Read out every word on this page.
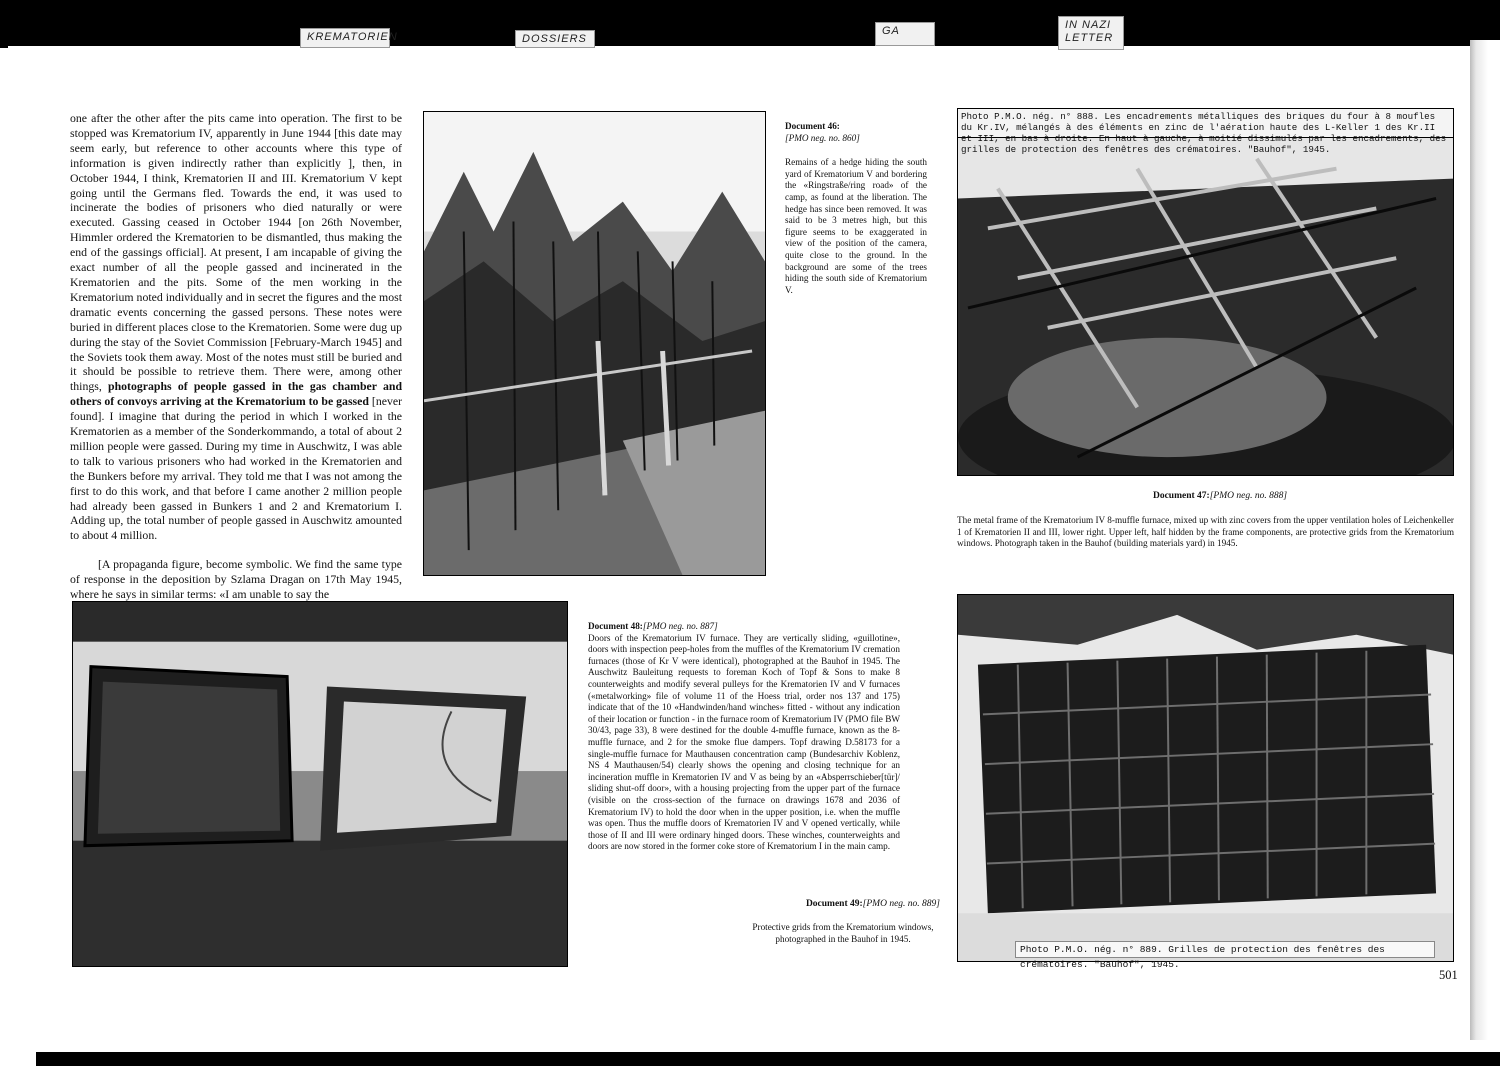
KREMATORIEN	DOSSIERS
GA	IN NAZI LETTER

one after the other after the pits came into operation. The first to be stopped was Krematorium IV, apparently in June 1944 [this date may seem early, but reference to other accounts where this type of information is given indirectly rather than explicitly ], then, in October 1944, I think, Krematorien II and III. Krematorium V kept going until the Germans fled. Towards the end, it was used to incinerate the bodies of prisoners who died naturally or were executed. Gassing ceased in October 1944 [on 26th November, Himmler ordered the Krematorien to be dismantled, thus making the end of the gassings official]. At present, I am incapable of giving the exact number of all the people gassed and incinerated in the Krematorien and the pits. Some of the men working in the Krematorium noted individually and in secret the figures and the most dramatic events concerning the gassed persons. These notes were buried in different places close to the Krematorien. Some were dug up during the stay of the Soviet Commission [February-March 1945] and the Soviets took them away. Most of the notes must still be buried and it should be possible to retrieve them. There were, among other things, photographs of people gassed in the gas chamber and others of convoys arriving at the Krematorium to be gassed [never found]. I imagine that during the period in which I worked in the Krematorien as a member of the Sonderkommando, a total of about 2 million people were gassed. During my time in Auschwitz, I was able to talk to various prisoners who had worked in the Krematorien and the Bunkers before my arrival. They told me that I was not among the first to do this work, and that before I came another 2 million people had already been gassed in Bunkers 1 and 2 and Krematorium I. Adding up, the total number of people gassed in Auschwitz amounted to about 4 million.

[A propaganda figure, become symbolic. We find the same type of response in the deposition by Szlama Dragan on 17th May 1945, where he says in similar terms: «I am unable to say the

Document 46:
[PMO neg. no. 860]
Remains of a hedge hiding the south yard of Krematorium V and bordering the «Ringstraße/ring road» of the camp, as found at the liberation. The hedge has since been removed. It was said to be 3 metres high, but this figure seems to be exaggerated in view of the position of the camera, quite close to the ground. In the background are some of the trees hiding the south side of Krematorium V.
Photo P.M.O. nég. n° 888. Les encadrements métalliques des briques du four à 8 moufles du Kr.IV, mélangés à des éléments en zinc de l'aération haute des L-Keller 1 des Kr.II et III, en bas à droite. En haut à gauche, à moitié dissimulés par les encadrements, des grilles de protection des fenêtres des crématoires. "Bauhof", 1945.
Document 47:[PMO neg. no. 888]
The metal frame of the Krematorium IV 8-muffle furnace, mixed up with zinc covers from the upper ventilation holes of Leichenkeller 1 of Krematorien II and III, lower right. Upper left, half hidden by the frame components, are protective grids from the Krematorium windows. Photograph taken in the Bauhof (building materials yard) in 1945.
Document 48:[PMO neg. no. 887]
Doors of the Krematorium IV furnace. They are vertically sliding, «guillotine», doors with inspection peep-holes from the muffles of the Krematorium IV cremation furnaces (those of Kr V were identical), photographed at the Bauhof in 1945. The Auschwitz Bauleitung requests to foreman Koch of Topf & Sons to make 8 counterweights and modify several pulleys for the Krematorien IV and V furnaces («metalworking» file of volume 11 of the Hoess trial, order nos 137 and 175) indicate that of the 10 «Handwinden/hand winches» fitted - without any indication of their location or function - in the furnace room of Krematorium IV (PMO file BW 30/43, page 33), 8 were destined for the double 4-muffle furnace, known as the 8-muffle furnace, and 2 for the smoke flue dampers. Topf drawing D.58173 for a single-muffle furnace for Mauthausen concentration camp (Bundesarchiv Koblenz, NS 4 Mauthausen/54) clearly shows the opening and closing technique for an incineration muffle in Krematorien IV and V as being by an «Absperrschieber[tür]/ sliding shut-off door», with a housing projecting from the upper part of the furnace (visible on the cross-section of the furnace on drawings 1678 and 2036 of Krematorium IV) to hold the door when in the upper position, i.e. when the muffle was open. Thus the muffle doors of Krematorien IV and V opened vertically, while those of II and III were ordinary hinged doors. These winches, counterweights and doors are now stored in the former coke store of Krematorium I in the main camp.
Photo P.M.O. nég. n° 889. Grilles de protection des fenêtres des crématoires. "Bauhof", 1945.
Document 49:[PMO neg. no. 889]
Protective grids from the Krematorium windows, photographed in the Bauhof in 1945.
501
